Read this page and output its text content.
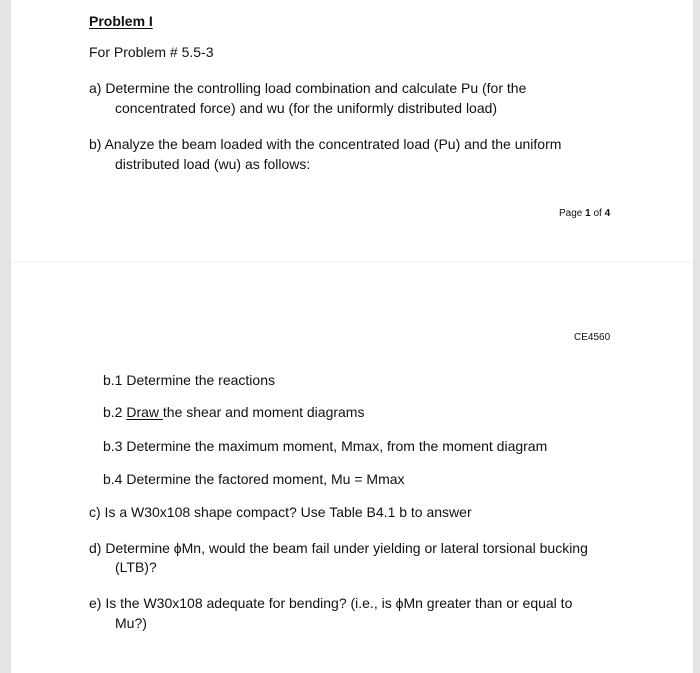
Problem I
For Problem # 5.5-3
a) Determine the controlling load combination and calculate Pu (for the
concentrated force) and wu (for the uniformly distributed load)
b) Analyze the beam loaded with the concentrated load (Pu) and the uniform
distributed load (wu) as follows:
Page 1 of 4
CE4560
b.1 Determine the reactions
b.2 Draw the shear and moment diagrams
b.3 Determine the maximum moment, Mmax, from the moment diagram
b.4 Determine the factored moment, Mu = Mmax
c) Is a W30x108 shape compact? Use Table B4.1 b to answer
d) Determine ϕMn, would the beam fail under yielding or lateral torsional bucking
(LTB)?
e) Is the W30x108 adequate for bending? (i.e., is ϕMn greater than or equal to
Mu?)
